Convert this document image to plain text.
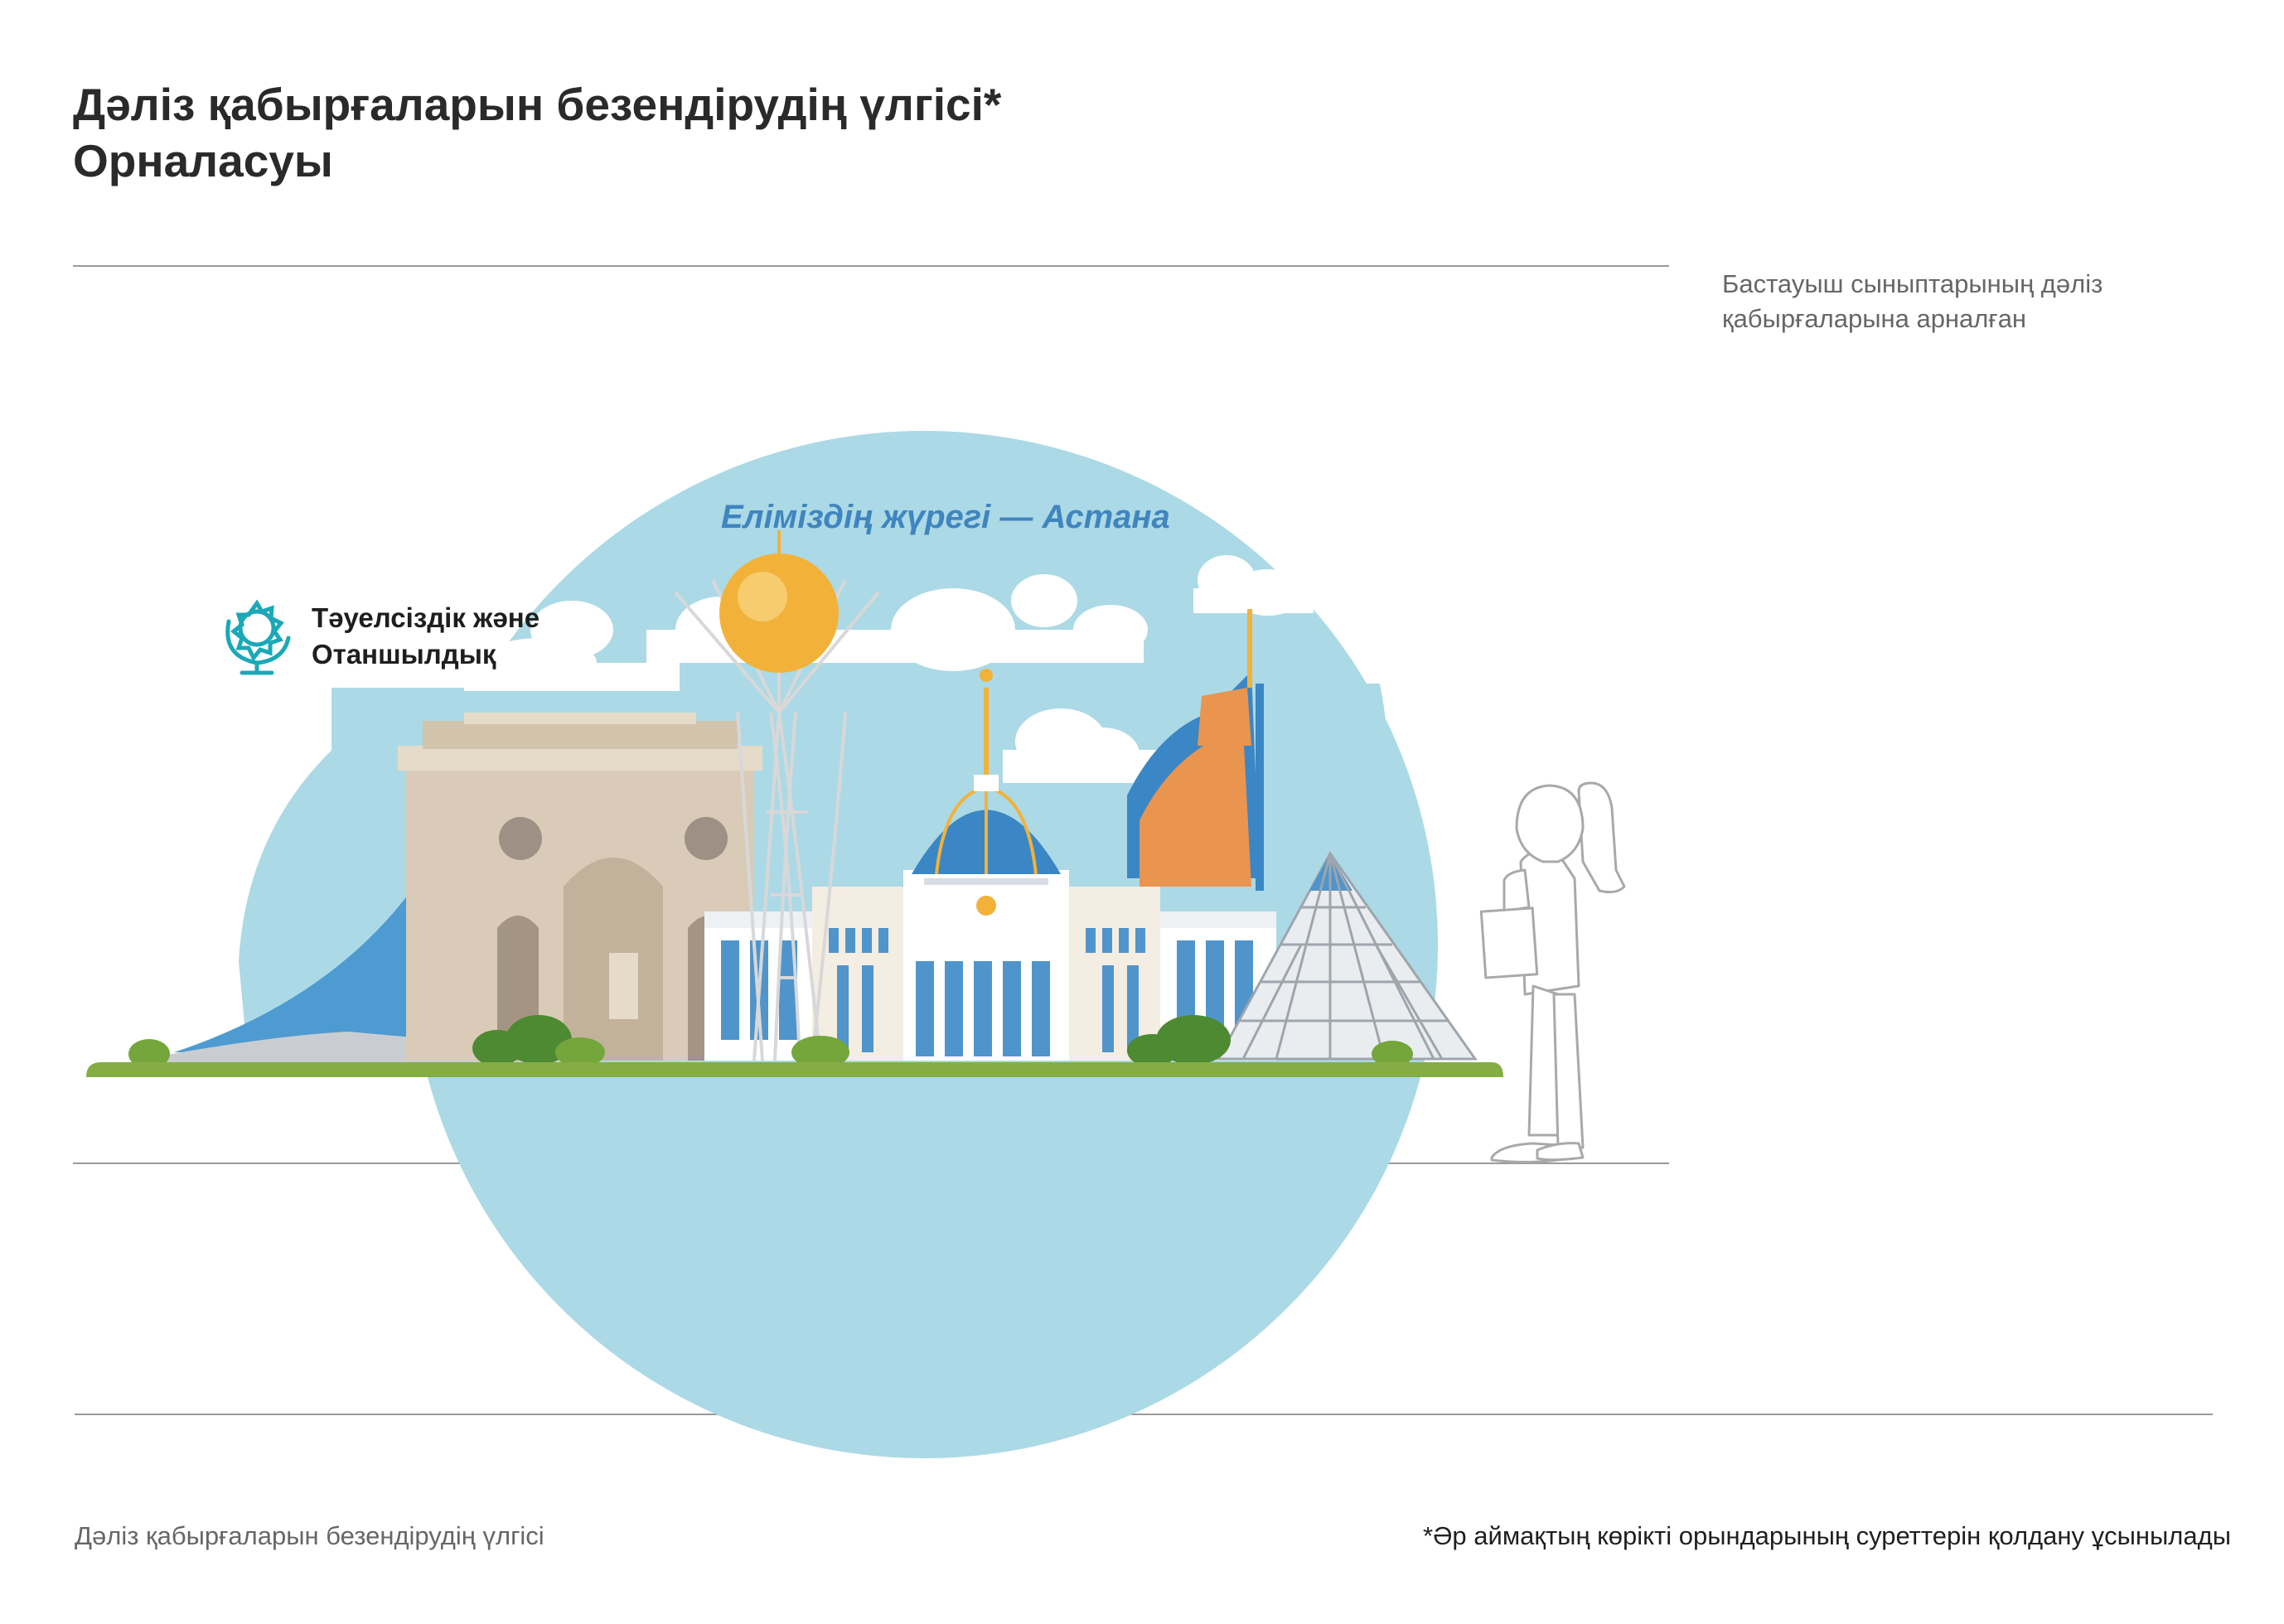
Дәліз қабырғаларын безендірудің үлгісі*
Орналасуы
Бастауыш сыныптарының дәліз
қабырғаларына арналған
Еліміздің жүрегі — Астана
Тәуелсіздік және
Отаншылдық
Дәліз қабырғаларын безендірудің үлгісі	*Әр аймақтың көрікті орындарының суреттерін қолдану ұсынылады
